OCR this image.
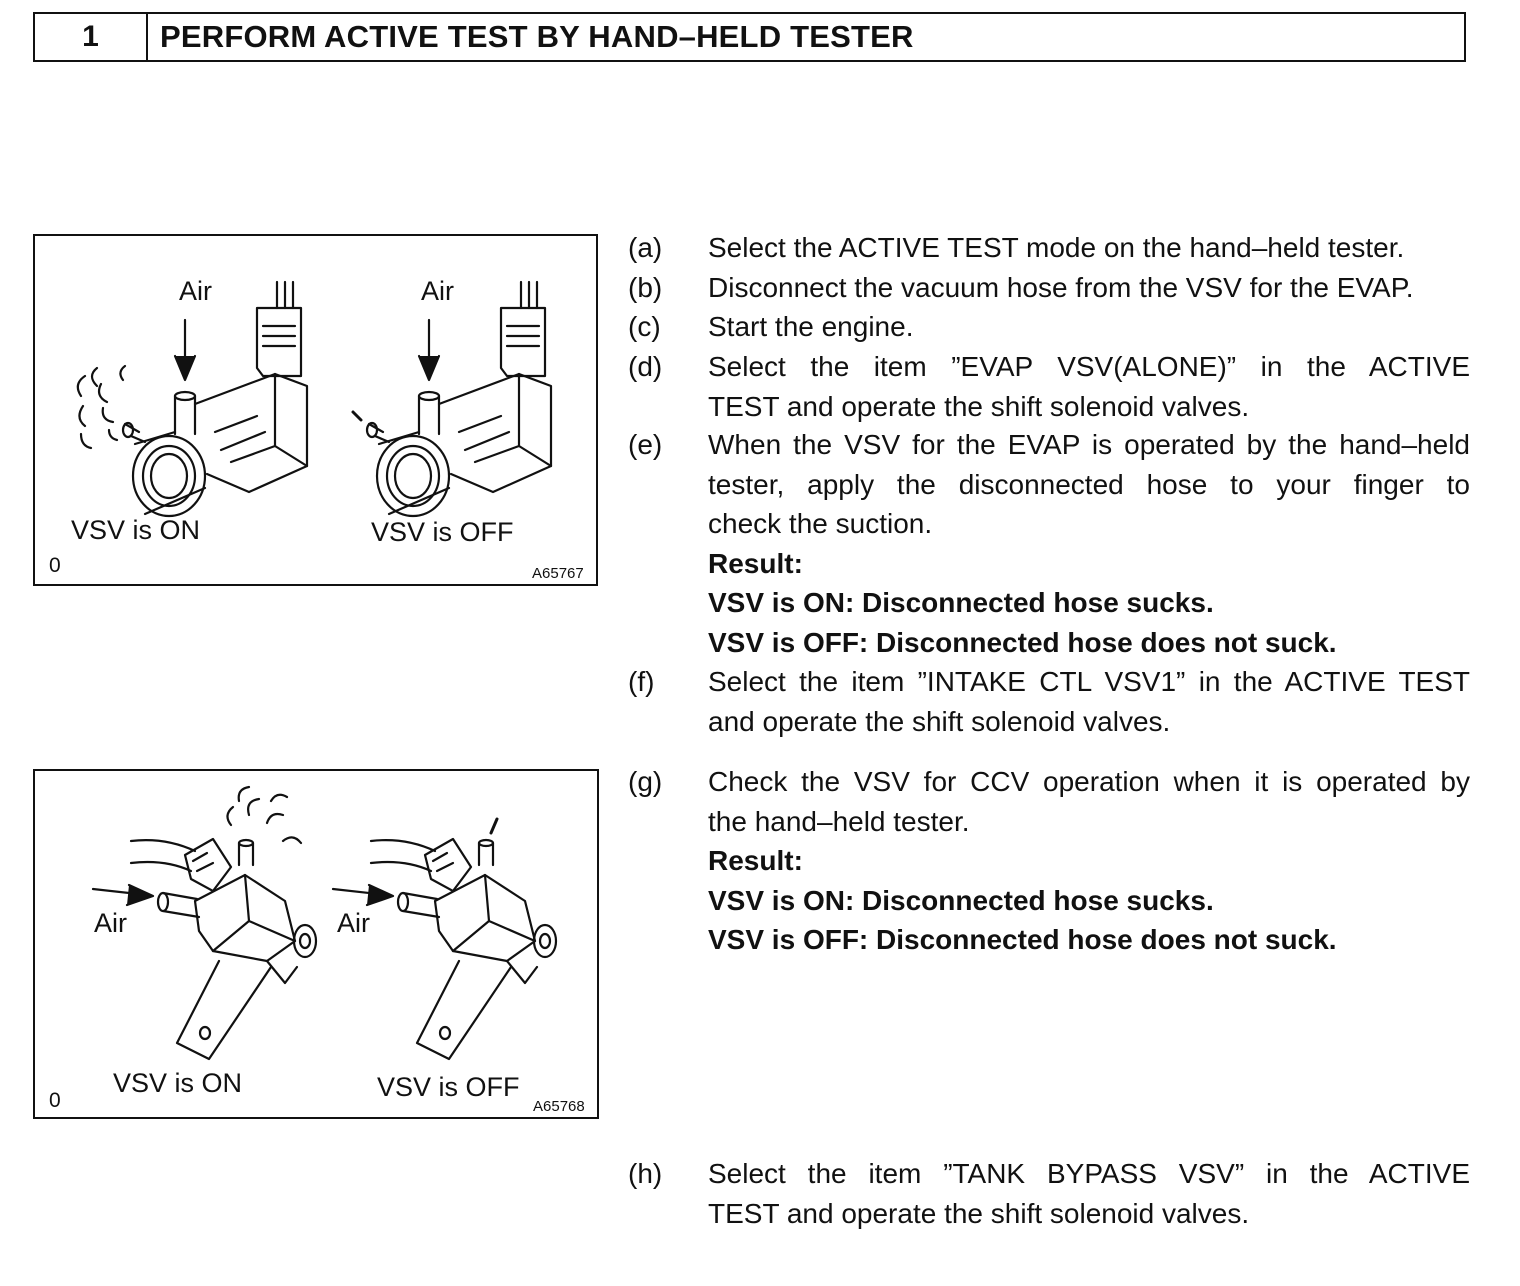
1	PERFORM ACTIVE TEST BY HAND–HELD TESTER
Air	Air
VSV is ON	VSV is OFF
0	A65767
Air	Air
VSV is ON	VSV is OFF
0	A65768
(a)	Select the ACTIVE TEST mode on the hand–held tester.
(b)	Disconnect the vacuum hose from the VSV for the EVAP.
(c)	Start the engine.
(d)	Select the item ”EVAP VSV(ALONE)” in the ACTIVE
TEST and operate the shift solenoid valves.
(e)	When the VSV for the EVAP is operated by the hand–held
tester, apply the disconnected hose to your finger to
check the suction.
Result:
VSV is ON: Disconnected hose sucks.
VSV is OFF: Disconnected hose does not suck.
(f)	Select the item ”INTAKE CTL VSV1” in the ACTIVE TEST
and operate the shift solenoid valves.
(g)	Check the VSV for CCV operation when it is operated by
the hand–held tester.
Result:
VSV is ON: Disconnected hose sucks.
VSV is OFF: Disconnected hose does not suck.
(h)	Select the item ”TANK BYPASS VSV” in the ACTIVE
TEST and operate the shift solenoid valves.
